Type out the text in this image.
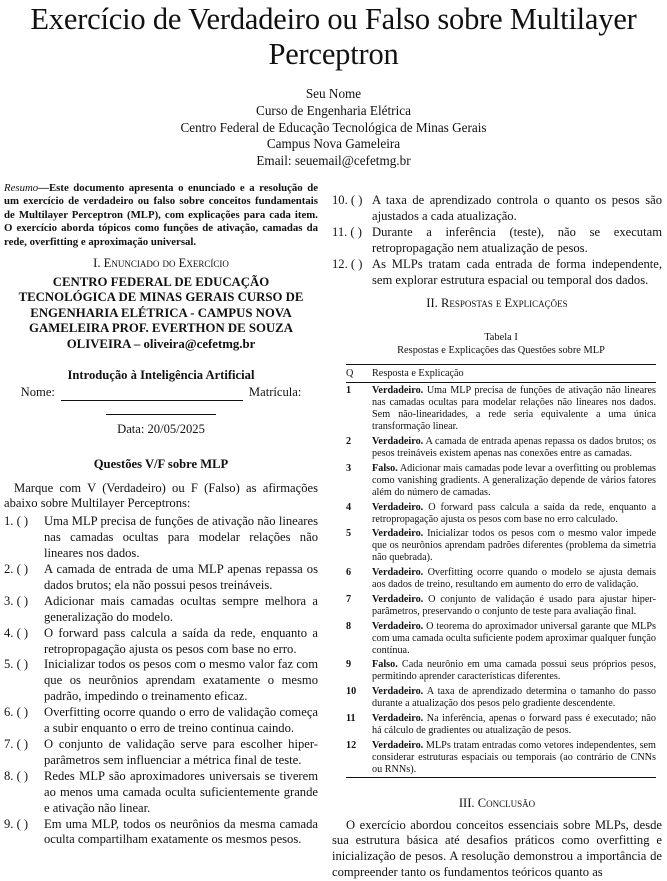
Exercício de Verdadeiro ou Falso sobre Multilayer Perceptron
Seu Nome
Curso de Engenharia Elétrica
Centro Federal de Educação Tecnológica de Minas Gerais
Campus Nova Gameleira
Email: seuemail@cefetmg.br
Resumo—Este documento apresenta o enunciado e a resolução de um exercício de verdadeiro ou falso sobre conceitos fundamentais de Multilayer Perceptron (MLP), com explicações para cada item. O exercício aborda tópicos como funções de ativação, camadas da rede, overfitting e aproximação universal.
I. Enunciado do Exercício
CENTRO FEDERAL DE EDUCAÇÃO TECNOLÓGICA DE MINAS GERAIS CURSO DE ENGENHARIA ELÉTRICA - CAMPUS NOVA GAMELEIRA PROF. EVERTHON DE SOUZA OLIVEIRA – oliveira@cefetmg.br
Introdução à Inteligência Artificial
Nome:	Matrícula:
Data: 20/05/2025
Questões V/F sobre MLP
Marque com V (Verdadeiro) ou F (Falso) as afirmações abaixo sobre Multilayer Perceptrons:
1. ( ) Uma MLP precisa de funções de ativação não lineares nas camadas ocultas para modelar relações não lineares nos dados.
2. ( ) A camada de entrada de uma MLP apenas repassa os dados brutos; ela não possui pesos treináveis.
3. ( ) Adicionar mais camadas ocultas sempre melhora a generalização do modelo.
4. ( ) O forward pass calcula a saída da rede, enquanto a retropropagação ajusta os pesos com base no erro.
5. ( ) Inicializar todos os pesos com o mesmo valor faz com que os neurônios aprendam exatamente o mesmo padrão, impedindo o treinamento eficaz.
6. ( ) Overfitting ocorre quando o erro de validação começa a subir enquanto o erro de treino continua caindo.
7. ( ) O conjunto de validação serve para escolher hiper-parâmetros sem influenciar a métrica final de teste.
8. ( ) Redes MLP são aproximadores universais se tiverem ao menos uma camada oculta suficientemente grande e ativação não linear.
9. ( ) Em uma MLP, todos os neurônios da mesma camada oculta compartilham exatamente os mesmos pesos.
10. ( ) A taxa de aprendizado controla o quanto os pesos são ajustados a cada atualização.
11. ( ) Durante a inferência (teste), não se executam retropropagação nem atualização de pesos.
12. ( ) As MLPs tratam cada entrada de forma independente, sem explorar estrutura espacial ou temporal dos dados.
II. Respostas e Explicações
Tabela I
Respostas e Explicações das Questões sobre MLP
Q	Resposta e Explicação
1	Verdadeiro. Uma MLP precisa de funções de ativação não lineares nas camadas ocultas para modelar relações não lineares nos dados. Sem não-linearidades, a rede seria equivalente a uma única transformação linear.
2	Verdadeiro. A camada de entrada apenas repassa os dados brutos; os pesos treináveis existem apenas nas conexões entre as camadas.
3	Falso. Adicionar mais camadas pode levar a overfitting ou problemas como vanishing gradients. A generalização depende de vários fatores além do número de camadas.
4	Verdadeiro. O forward pass calcula a saída da rede, enquanto a retropropagação ajusta os pesos com base no erro calculado.
5	Verdadeiro. Inicializar todos os pesos com o mesmo valor impede que os neurônios aprendam padrões diferentes (problema da simetria não quebrada).
6	Verdadeiro. Overfitting ocorre quando o modelo se ajusta demais aos dados de treino, resultando em aumento do erro de validação.
7	Verdadeiro. O conjunto de validação é usado para ajustar hiper-parâmetros, preservando o conjunto de teste para avaliação final.
8	Verdadeiro. O teorema do aproximador universal garante que MLPs com uma camada oculta suficiente podem aproximar qualquer função contínua.
9	Falso. Cada neurônio em uma camada possui seus próprios pesos, permitindo aprender características diferentes.
10	Verdadeiro. A taxa de aprendizado determina o tamanho do passo durante a atualização dos pesos pelo gradiente descendente.
11	Verdadeiro. Na inferência, apenas o forward pass é executado; não há cálculo de gradientes ou atualização de pesos.
12	Verdadeiro. MLPs tratam entradas como vetores independentes, sem considerar estruturas espaciais ou temporais (ao contrário de CNNs ou RNNs).
III. Conclusão
O exercício abordou conceitos essenciais sobre MLPs, desde sua estrutura básica até desafios práticos como overfitting e inicialização de pesos. A resolução demonstrou a importância de compreender tanto os fundamentos teóricos quanto as
